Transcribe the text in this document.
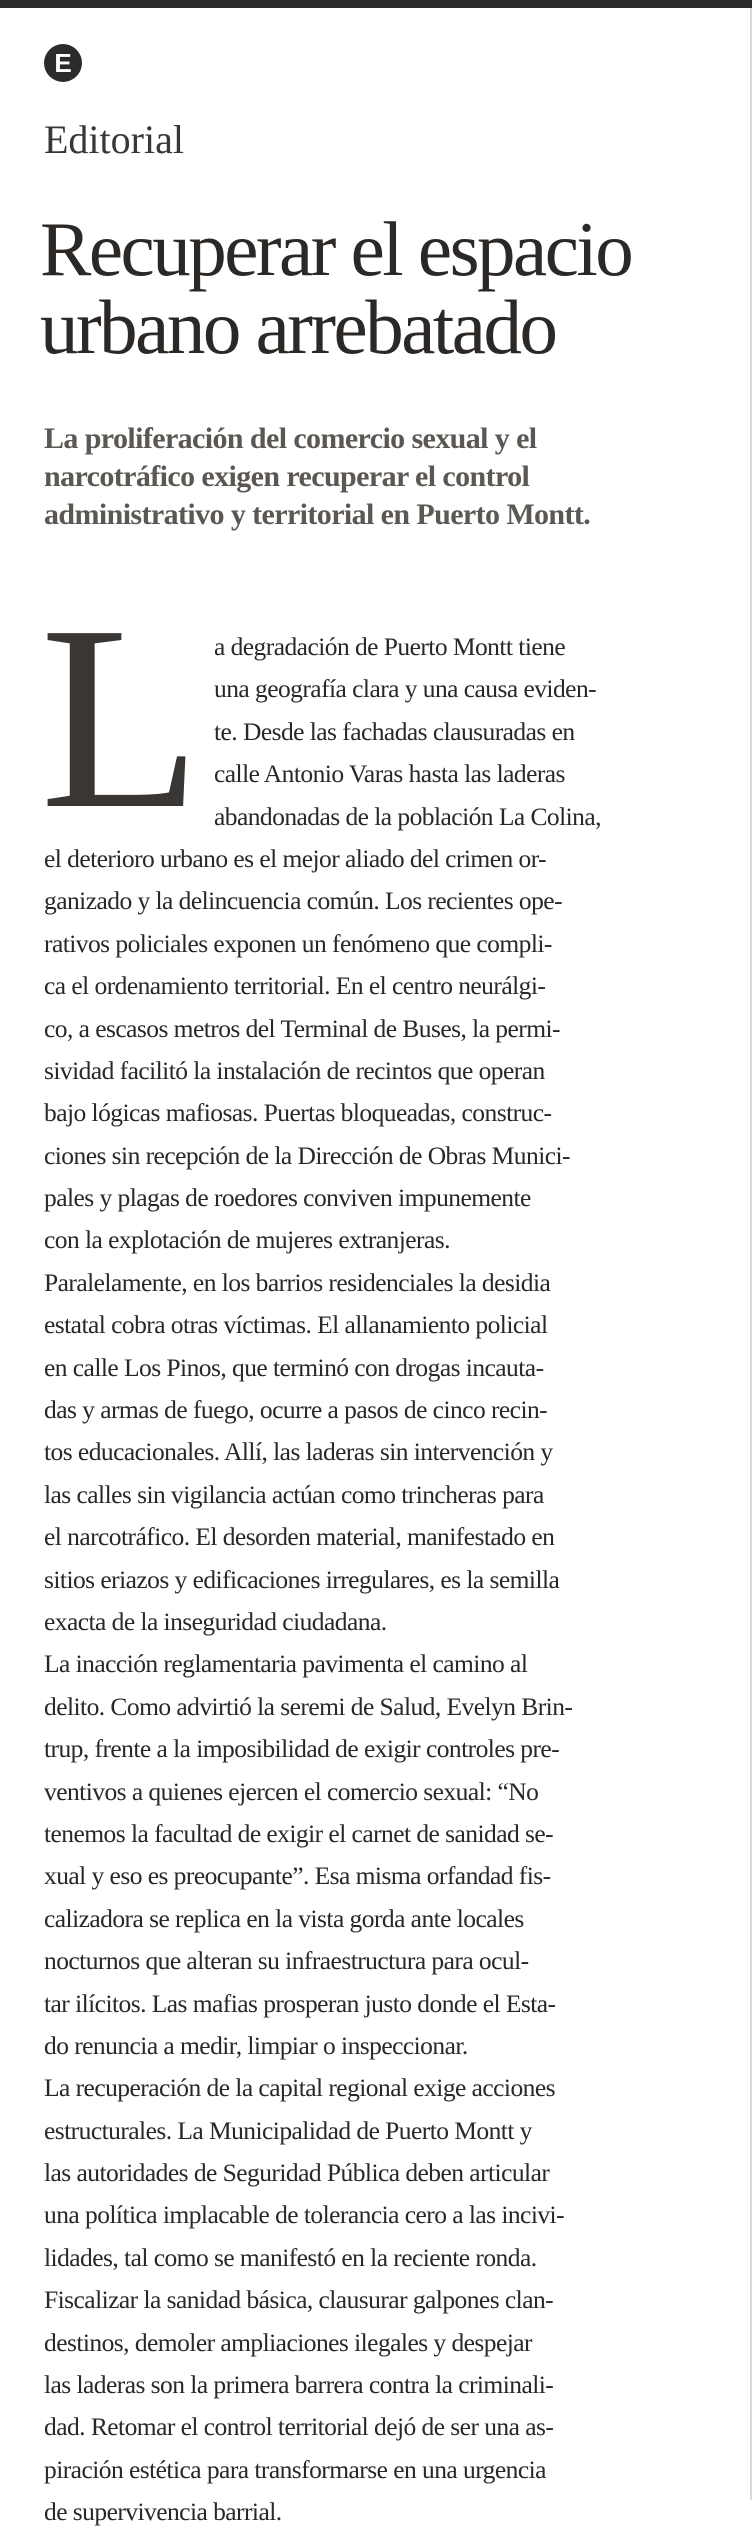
E
Editorial
Recuperar el espacio
urbano arrebatado
La proliferación del comercio sexual y el
narcotráfico exigen recuperar el control
administrativo y territorial en Puerto Montt.
L a degradación de Puerto Montt tiene
una geografía clara y una causa eviden-
te. Desde las fachadas clausuradas en
calle Antonio Varas hasta las laderas
abandonadas de la población La Colina,
el deterioro urbano es el mejor aliado del crimen or-
ganizado y la delincuencia común. Los recientes ope-
rativos policiales exponen un fenómeno que compli-
ca el ordenamiento territorial. En el centro neurálgi-
co, a escasos metros del Terminal de Buses, la permi-
sividad facilitó la instalación de recintos que operan
bajo lógicas mafiosas. Puertas bloqueadas, construc-
ciones sin recepción de la Dirección de Obras Munici-
pales y plagas de roedores conviven impunemente
con la explotación de mujeres extranjeras.
Paralelamente, en los barrios residenciales la desidia
estatal cobra otras víctimas. El allanamiento policial
en calle Los Pinos, que terminó con drogas incauta-
das y armas de fuego, ocurre a pasos de cinco recin-
tos educacionales. Allí, las laderas sin intervención y
las calles sin vigilancia actúan como trincheras para
el narcotráfico. El desorden material, manifestado en
sitios eriazos y edificaciones irregulares, es la semilla
exacta de la inseguridad ciudadana.
La inacción reglamentaria pavimenta el camino al
delito. Como advirtió la seremi de Salud, Evelyn Brin-
trup, frente a la imposibilidad de exigir controles pre-
ventivos a quienes ejercen el comercio sexual: “No
tenemos la facultad de exigir el carnet de sanidad se-
xual y eso es preocupante”. Esa misma orfandad fis-
calizadora se replica en la vista gorda ante locales
nocturnos que alteran su infraestructura para ocul-
tar ilícitos. Las mafias prosperan justo donde el Esta-
do renuncia a medir, limpiar o inspeccionar.
La recuperación de la capital regional exige acciones
estructurales. La Municipalidad de Puerto Montt y
las autoridades de Seguridad Pública deben articular
una política implacable de tolerancia cero a las incivi-
lidades, tal como se manifestó en la reciente ronda.
Fiscalizar la sanidad básica, clausurar galpones clan-
destinos, demoler ampliaciones ilegales y despejar
las laderas son la primera barrera contra la criminali-
dad. Retomar el control territorial dejó de ser una as-
piración estética para transformarse en una urgencia
de supervivencia barrial.
